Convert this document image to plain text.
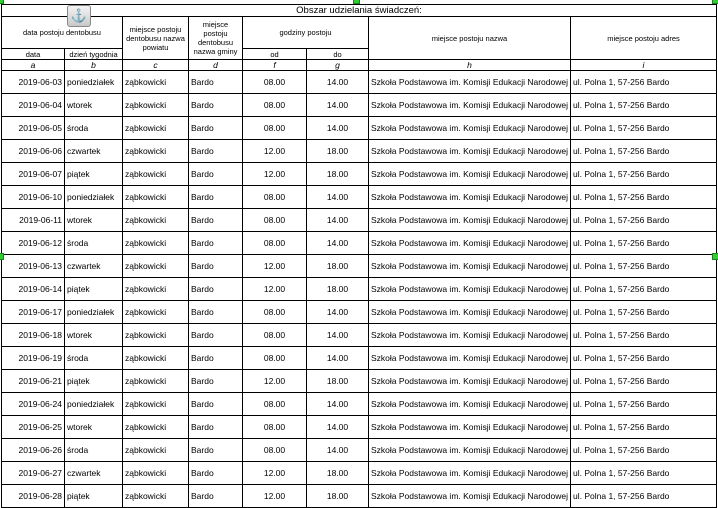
Obszar udzielania świadczeń:							
data postoju dentobusu		miejsce postoju dentobusu nazwa powiatu	miejsce postoju dentobusu nazwa gminy	godziny postoju		miejsce postoju nazwa	miejsce postoju adres
data	dzień tygodnia			od	do		
a	b	c	d	f	g	h	i
2019-06-03	poniedziałek	ząbkowicki	Bardo	08.00	14.00	Szkoła Podstawowa im. Komisji Edukacji Narodowej	ul. Polna 1, 57-256 Bardo
2019-06-04	wtorek	ząbkowicki	Bardo	08.00	14.00	Szkoła Podstawowa im. Komisji Edukacji Narodowej	ul. Polna 1, 57-256 Bardo
2019-06-05	środa	ząbkowicki	Bardo	08.00	14.00	Szkoła Podstawowa im. Komisji Edukacji Narodowej	ul. Polna 1, 57-256 Bardo
2019-06-06	czwartek	ząbkowicki	Bardo	12.00	18.00	Szkoła Podstawowa im. Komisji Edukacji Narodowej	ul. Polna 1, 57-256 Bardo
2019-06-07	piątek	ząbkowicki	Bardo	12.00	18.00	Szkoła Podstawowa im. Komisji Edukacji Narodowej	ul. Polna 1, 57-256 Bardo
2019-06-10	poniedziałek	ząbkowicki	Bardo	08.00	14.00	Szkoła Podstawowa im. Komisji Edukacji Narodowej	ul. Polna 1, 57-256 Bardo
2019-06-11	wtorek	ząbkowicki	Bardo	08.00	14.00	Szkoła Podstawowa im. Komisji Edukacji Narodowej	ul. Polna 1, 57-256 Bardo
2019-06-12	środa	ząbkowicki	Bardo	08.00	14.00	Szkoła Podstawowa im. Komisji Edukacji Narodowej	ul. Polna 1, 57-256 Bardo
2019-06-13	czwartek	ząbkowicki	Bardo	12.00	18.00	Szkoła Podstawowa im. Komisji Edukacji Narodowej	ul. Polna 1, 57-256 Bardo
2019-06-14	piątek	ząbkowicki	Bardo	12.00	18.00	Szkoła Podstawowa im. Komisji Edukacji Narodowej	ul. Polna 1, 57-256 Bardo
2019-06-17	poniedziałek	ząbkowicki	Bardo	08.00	14.00	Szkoła Podstawowa im. Komisji Edukacji Narodowej	ul. Polna 1, 57-256 Bardo
2019-06-18	wtorek	ząbkowicki	Bardo	08.00	14.00	Szkoła Podstawowa im. Komisji Edukacji Narodowej	ul. Polna 1, 57-256 Bardo
2019-06-19	środa	ząbkowicki	Bardo	08.00	14.00	Szkoła Podstawowa im. Komisji Edukacji Narodowej	ul. Polna 1, 57-256 Bardo
2019-06-21	piątek	ząbkowicki	Bardo	12.00	18.00	Szkoła Podstawowa im. Komisji Edukacji Narodowej	ul. Polna 1, 57-256 Bardo
2019-06-24	poniedziałek	ząbkowicki	Bardo	08.00	14.00	Szkoła Podstawowa im. Komisji Edukacji Narodowej	ul. Polna 1, 57-256 Bardo
2019-06-25	wtorek	ząbkowicki	Bardo	08.00	14.00	Szkoła Podstawowa im. Komisji Edukacji Narodowej	ul. Polna 1, 57-256 Bardo
2019-06-26	środa	ząbkowicki	Bardo	08.00	14.00	Szkoła Podstawowa im. Komisji Edukacji Narodowej	ul. Polna 1, 57-256 Bardo
2019-06-27	czwartek	ząbkowicki	Bardo	12.00	18.00	Szkoła Podstawowa im. Komisji Edukacji Narodowej	ul. Polna 1, 57-256 Bardo
2019-06-28	piątek	ząbkowicki	Bardo	12.00	18.00	Szkoła Podstawowa im. Komisji Edukacji Narodowej	ul. Polna 1, 57-256 Bardo
⚓
